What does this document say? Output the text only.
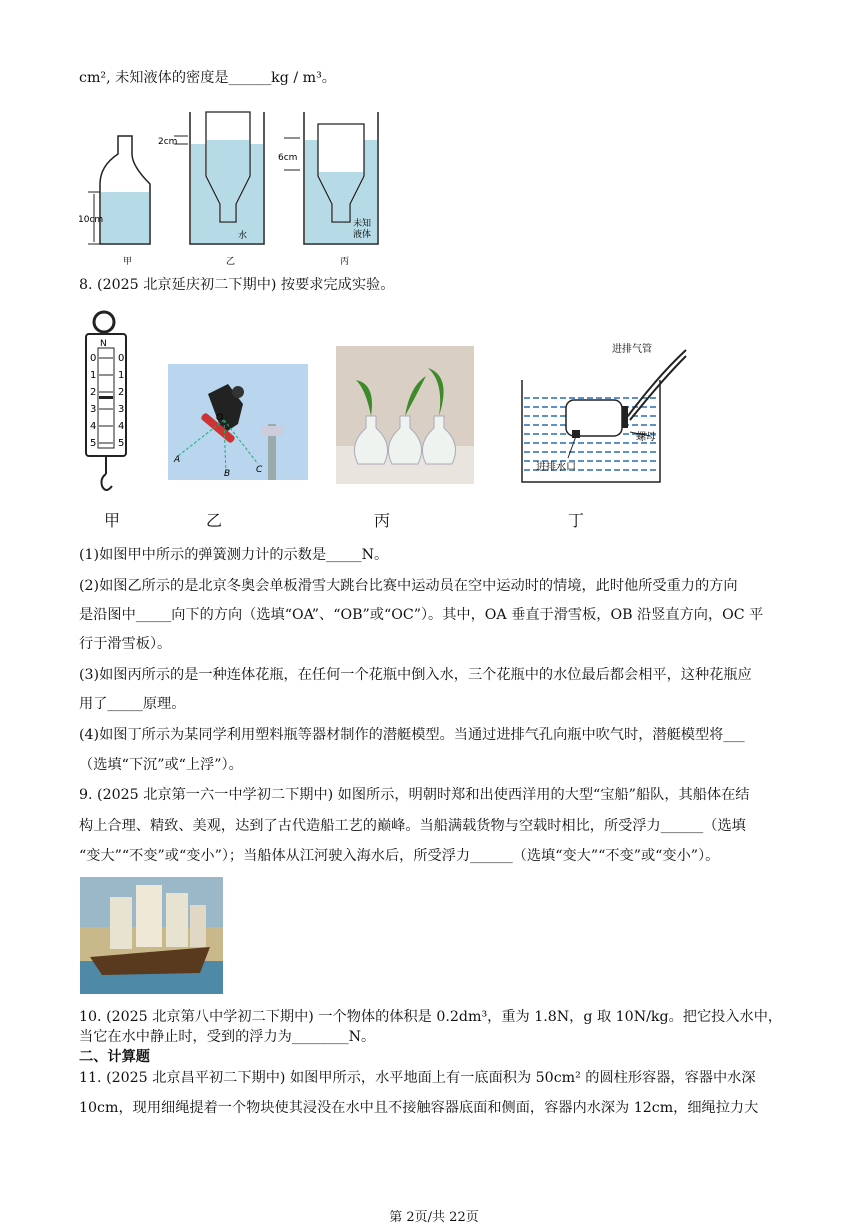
cm², 未知液体的密度是______kg / m³。
10cm
2cm
水
6cm
未知
液体
甲	乙	丙
8. (2025 北京延庆初二下期中) 按要求完成实验。
N
0 0
1 1
2 2
3 3
4 4
5 5
A
B	C
O
进排气管
螺母
进排水口
甲	乙	丙	丁
(1)如图甲中所示的弹簧测力计的示数是_____N。
(2)如图乙所示的是北京冬奥会单板滑雪大跳台比赛中运动员在空中运动时的情境，此时他所受重力的方向
是沿图中_____向下的方向（选填“OA”、“OB”或“OC”）。其中，OA 垂直于滑雪板，OB 沿竖直方向，OC 平
行于滑雪板）。
(3)如图丙所示的是一种连体花瓶，在任何一个花瓶中倒入水，三个花瓶中的水位最后都会相平，这种花瓶应
用了_____原理。
(4)如图丁所示为某同学利用塑料瓶等器材制作的潜艇模型。当通过进排气孔向瓶中吹气时，潜艇模型将___
（选填“下沉”或“上浮”）。
9. (2025 北京第一六一中学初二下期中) 如图所示，明朝时郑和出使西洋用的大型“宝船”船队，其船体在结
构上合理、精致、美观，达到了古代造船工艺的巅峰。当船满载货物与空载时相比，所受浮力______（选填
“变大”“不变”或“变小”）；当船体从江河驶入海水后，所受浮力______（选填“变大”“不变”或“变小”）。
10. (2025 北京第八中学初二下期中) 一个物体的体积是 0.2dm³，重为 1.8N，g 取 10N/kg。把它投入水中，
当它在水中静止时，受到的浮力为________N。
二、计算题
11. (2025 北京昌平初二下期中) 如图甲所示，水平地面上有一底面积为 50cm² 的圆柱形容器，容器中水深
10cm，现用细绳提着一个物块使其浸没在水中且不接触容器底面和侧面，容器内水深为 12cm，细绳拉力大
第 2页/共 22页
